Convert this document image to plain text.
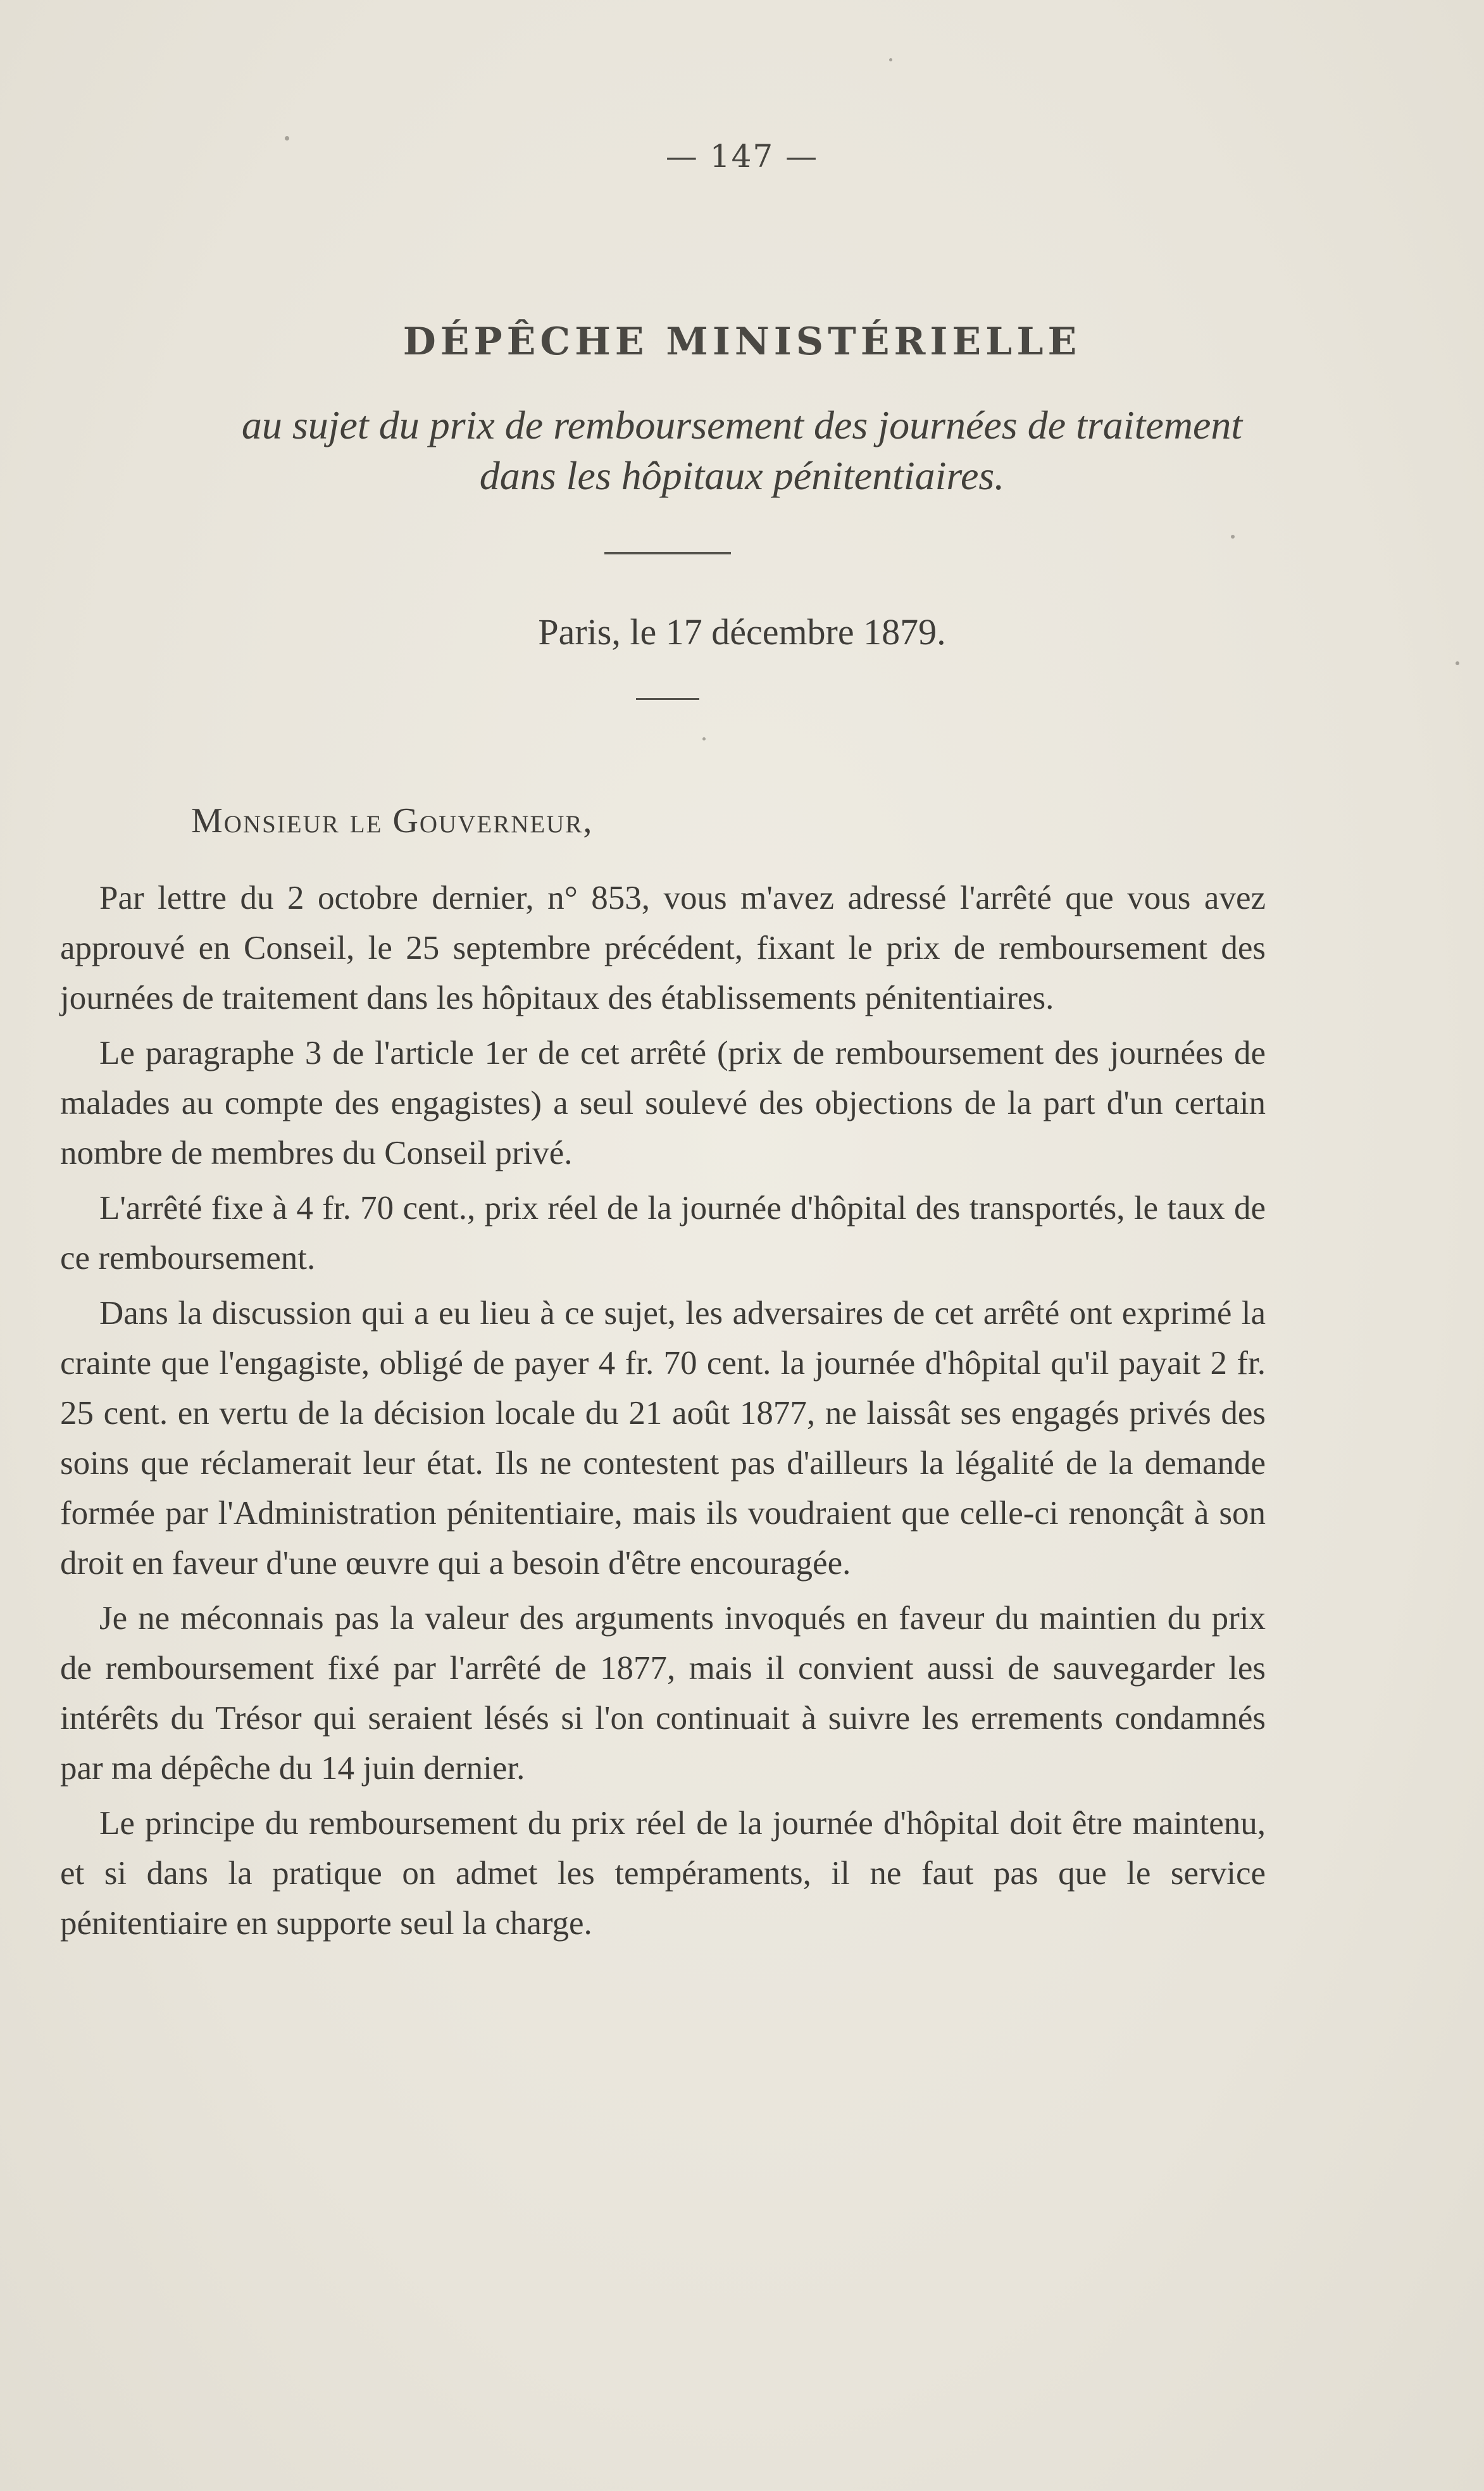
— 147 —
DÉPÊCHE MINISTÉRIELLE
au sujet du prix de remboursement des journées de traitement
dans les hôpitaux pénitentiaires.
Paris, le 17 décembre 1879.
Monsieur le Gouverneur,

Par lettre du 2 octobre dernier, n° 853, vous m'avez adressé l'arrêté que vous avez approuvé en Conseil, le 25 septembre précédent, fixant le prix de remboursement des journées de traitement dans les hôpitaux des établissements pénitentiaires.

Le paragraphe 3 de l'article 1er de cet arrêté (prix de remboursement des journées de malades au compte des engagistes) a seul soulevé des objections de la part d'un certain nombre de membres du Conseil privé.

L'arrêté fixe à 4 fr. 70 cent., prix réel de la journée d'hôpital des transportés, le taux de ce remboursement.

Dans la discussion qui a eu lieu à ce sujet, les adversaires de cet arrêté ont exprimé la crainte que l'engagiste, obligé de payer 4 fr. 70 cent. la journée d'hôpital qu'il payait 2 fr. 25 cent. en vertu de la décision locale du 21 août 1877, ne laissât ses engagés privés des soins que réclamerait leur état. Ils ne contestent pas d'ailleurs la légalité de la demande formée par l'Administration pénitentiaire, mais ils voudraient que celle-ci renonçât à son droit en faveur d'une œuvre qui a besoin d'être encouragée.

Je ne méconnais pas la valeur des arguments invoqués en faveur du maintien du prix de remboursement fixé par l'arrêté de 1877, mais il convient aussi de sauvegarder les intérêts du Trésor qui seraient lésés si l'on continuait à suivre les errements condamnés par ma dépêche du 14 juin dernier.

Le principe du remboursement du prix réel de la journée d'hôpital doit être maintenu, et si dans la pratique on admet les tempéraments, il ne faut pas que le service pénitentiaire en supporte seul la charge.
